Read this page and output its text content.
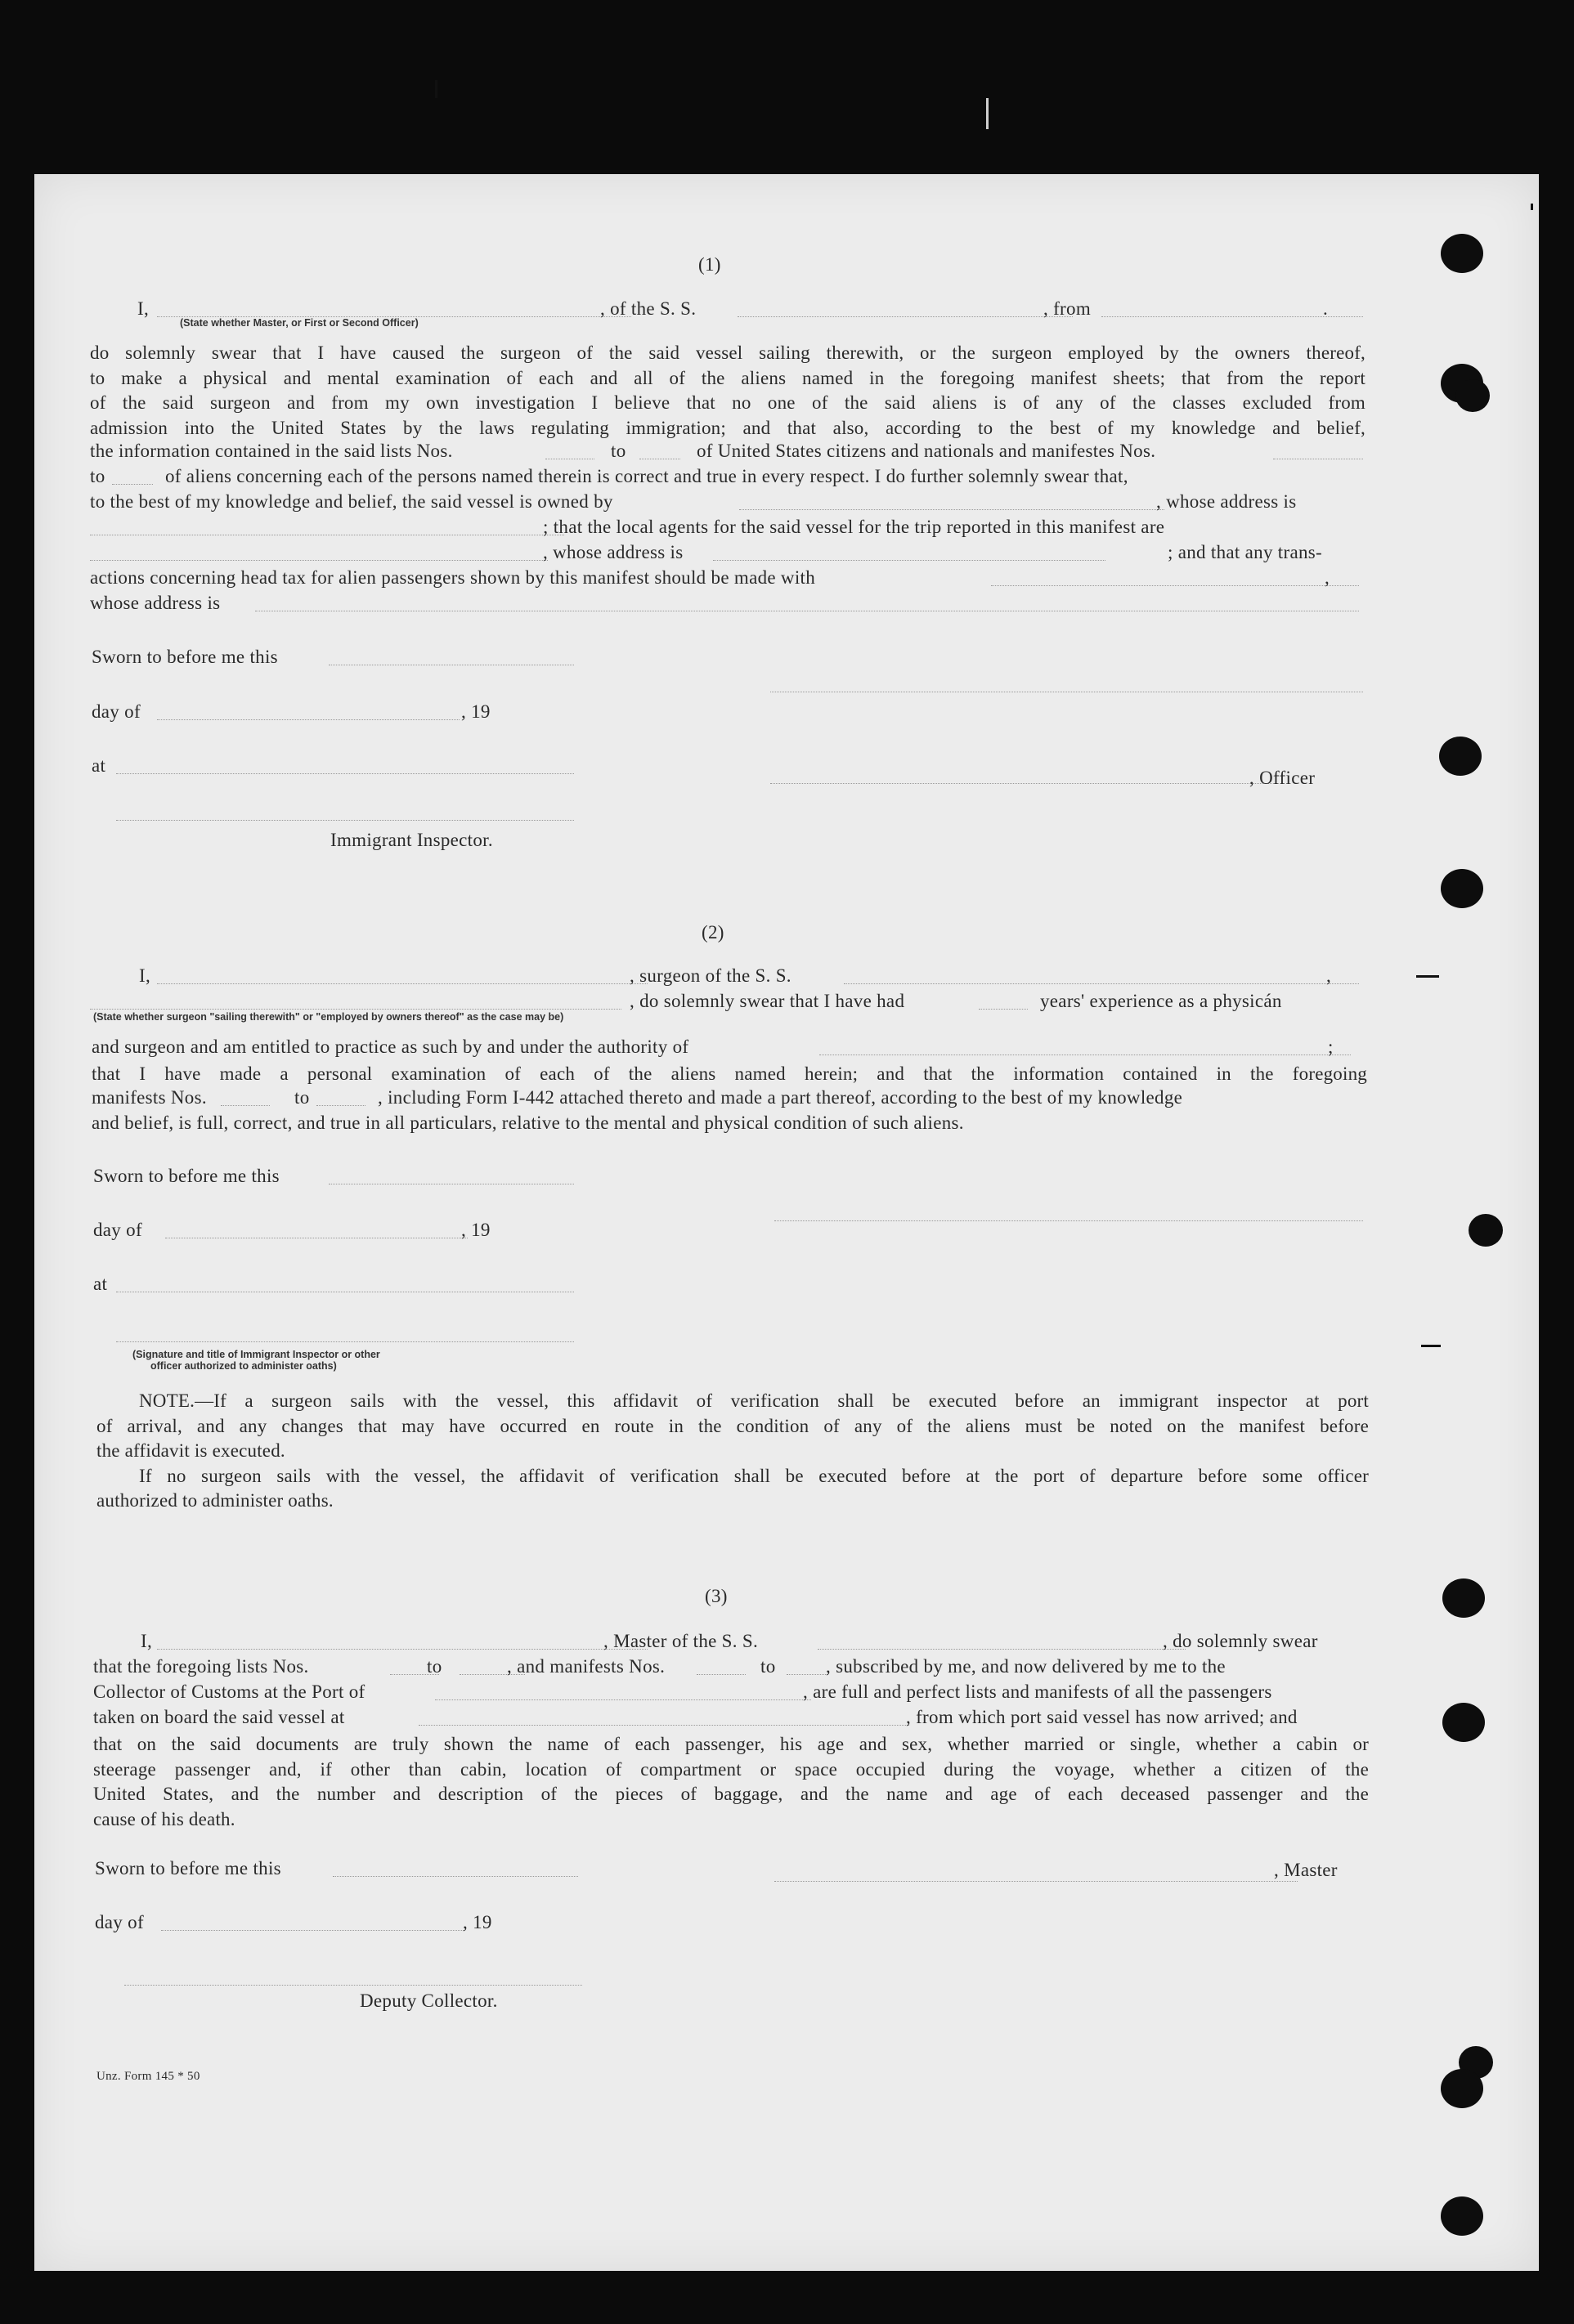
(1)
I,	, of the S. S.	, from	.
(State whether Master, or First or Second Officer)
do solemnly swear that I have caused the surgeon of the said vessel sailing therewith, or the surgeon employed by the owners thereof,
to make a physical and mental examination of each and all of the aliens named in the foregoing manifest sheets; that from the report
of the said surgeon and from my own investigation I believe that no one of the said aliens is of any of the classes excluded from
admission into the United States by the laws regulating immigration; and that also, according to the best of my knowledge and belief,
the information contained in the said lists Nos.	to	of United States citizens and nationals and manifestes Nos.
to	of aliens concerning each of the persons named therein is correct and true in every respect. I do further solemnly swear that,
to the best of my knowledge and belief, the said vessel is owned by	, whose address is
; that the local agents for the said vessel for the trip reported in this manifest are
, whose address is	; and that any trans-
actions concerning head tax for alien passengers shown by this manifest should be made with	,
whose address is
Sworn to before me this
day of	, 19
at
, Officer
Immigrant Inspector.
(2)
I,	, surgeon of the S. S.	,
, do solemnly swear that I have had	years' experience as a physicán
(State whether surgeon "sailing therewith" or "employed by owners thereof" as the case may be)
and surgeon and am entitled to practice as such by and under the authority of	;
that I have made a personal examination of each of the aliens named herein; and that the information contained in the foregoing
manifests Nos.	to	, including Form I-442 attached thereto and made a part thereof, according to the best of my knowledge
and belief, is full, correct, and true in all particulars, relative to the mental and physical condition of such aliens.
Sworn to before me this
day of	, 19
at
(Signature and title of Immigrant Inspector or other
officer authorized to administer oaths)
NOTE.—If a surgeon sails with the vessel, this affidavit of verification shall be executed before an immigrant inspector at port
of arrival, and any changes that may have occurred en route in the condition of any of the aliens must be noted on the manifest before
the affidavit is executed.
If no surgeon sails with the vessel, the affidavit of verification shall be executed before at the port of departure before some officer
authorized to administer oaths.
(3)
I,	, Master of the S. S.	, do solemnly swear
that the foregoing lists Nos.	to	, and manifests Nos.	to	, subscribed by me, and now delivered by me to the
Collector of Customs at the Port of	, are full and perfect lists and manifests of all the passengers
taken on board the said vessel at	, from which port said vessel has now arrived; and
that on the said documents are truly shown the name of each passenger, his age and sex, whether married or single, whether a cabin or
steerage passenger and, if other than cabin, location of compartment or space occupied during the voyage, whether a citizen of the
United States, and the number and description of the pieces of baggage, and the name and age of each deceased passenger and the
cause of his death.
Sworn to before me this	, Master
day of	, 19
Deputy Collector.
Unz. Form 145 * 50
